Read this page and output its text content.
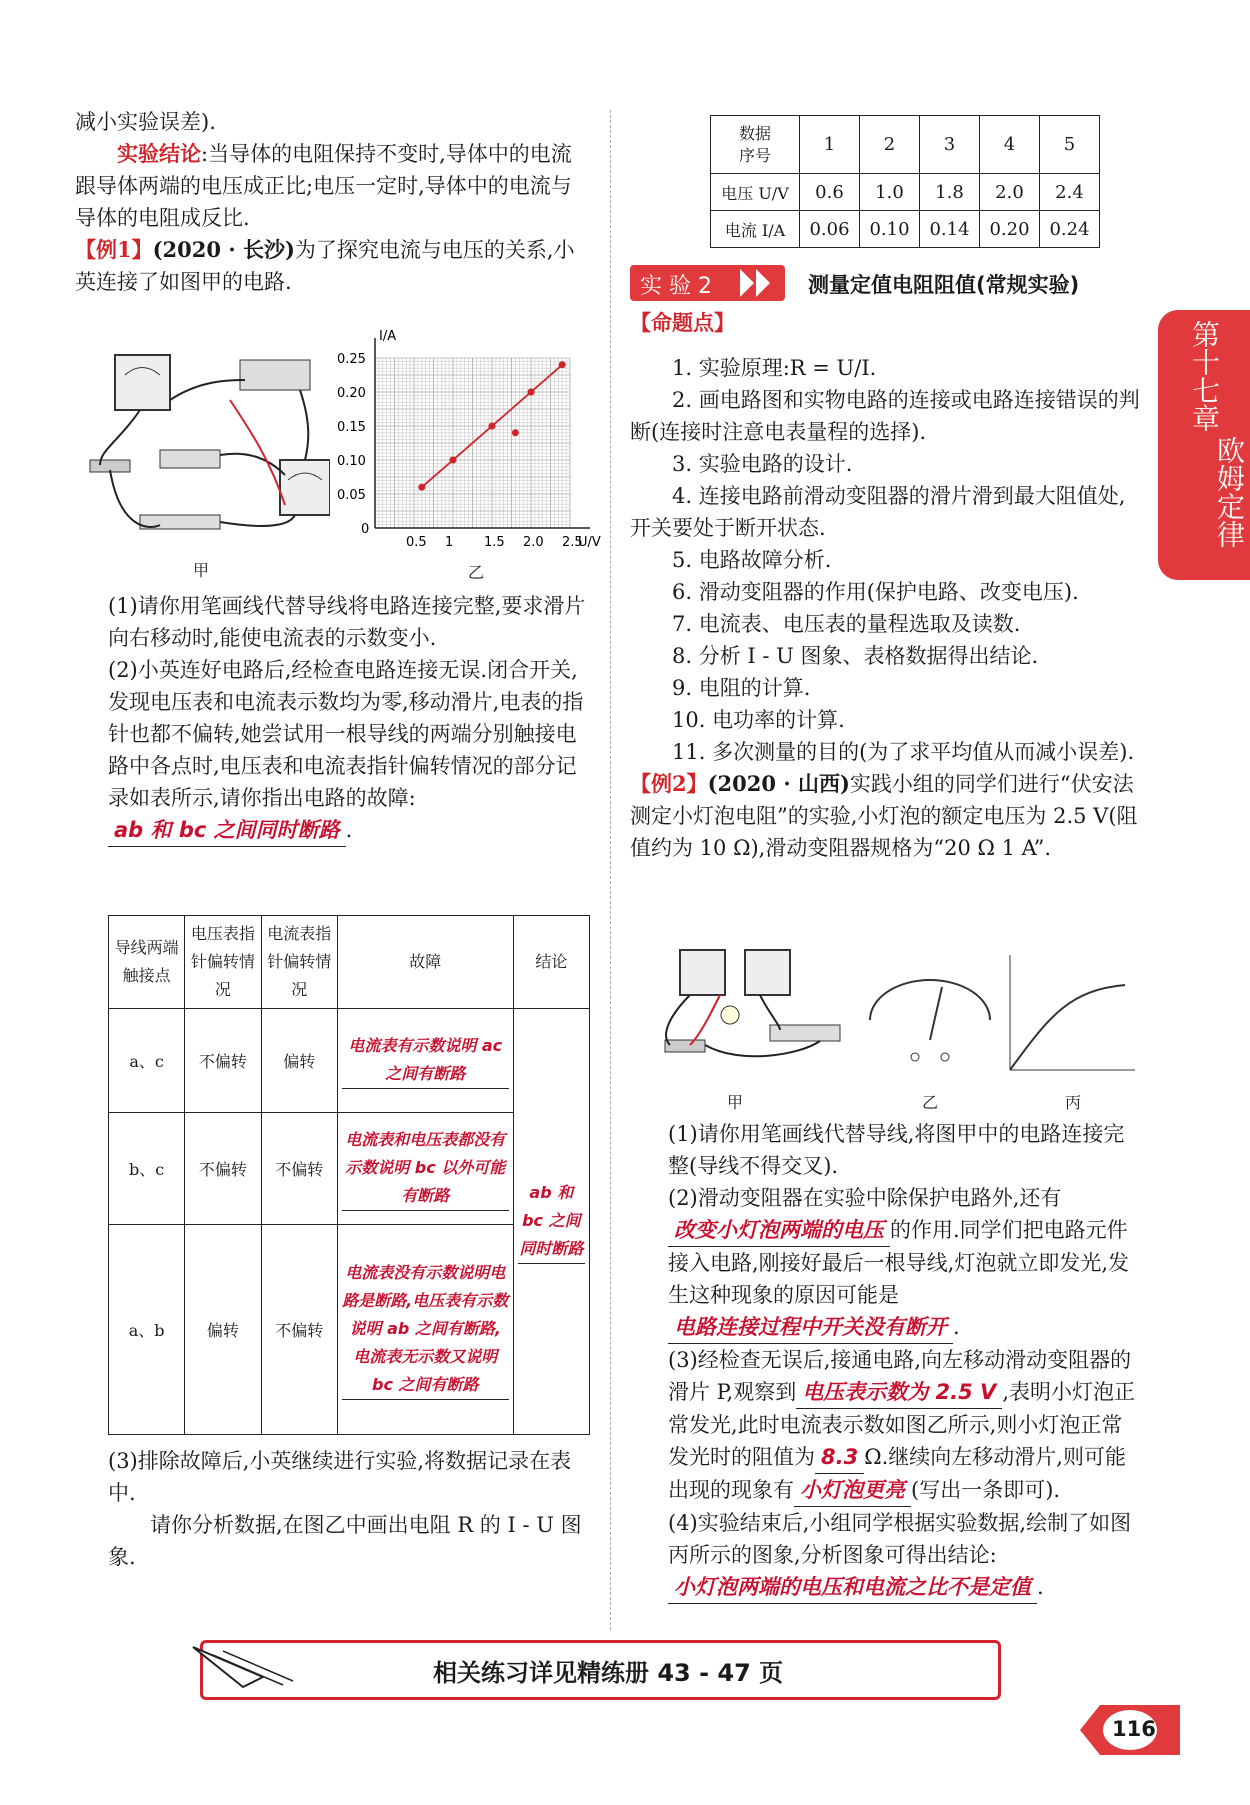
减小实验误差).
实验结论:当导体的电阻保持不变时,导体中的电流跟导体两端的电压成正比;电压一定时,导体中的电流与导体的电阻成反比.
【例1】(2020 · 长沙)为了探究电流与电压的关系,小英连接了如图甲的电路.
甲
I/A
U/V
0.5 1 1.5 2.0 2.5
0.25
0.20
0.15
0.10
0.05
0
乙
(1)请你用笔画线代替导线将电路连接完整,要求滑片向右移动时,能使电流表的示数变小.
(2)小英连好电路后,经检查电路连接无误.闭合开关,发现电压表和电流表示数均为零,移动滑片,电表的指针也都不偏转,她尝试用一根导线的两端分别触接电路中各点时,电压表和电流表指针偏转情况的部分记录如表所示,请你指出电路的故障:ab 和 bc 之间同时断路 .
导线两端触接点	电压表指针偏转情况	电流表指针偏转情况	故障	结论
a、c	不偏转	偏转	电流表有示数说明 ac 之间有断路	ab 和 bc 之间同时断路

b、c	不偏转	不偏转	电流表和电压表都没有示数说明 bc 以外可能有断路	

a、b	偏转	不偏转	电流表没有示数说明电路是断路,电压表有示数说明 ab 之间有断路,电流表无示数又说明 bc 之间有断路	
(3)排除故障后,小英继续进行实验,将数据记录在表中.
请你分析数据,在图乙中画出电阻 R 的 I - U 图象.
数据
序号	1	2	3	4	5
电压 U/V	0.6	1.0	1.8	2.0	2.4
电流 I/A	0.06	0.10	0.14	0.20	0.24
实 验 2	测量定值电阻阻值(常规实验)
【命题点】
1. 实验原理:R = U/I.
2. 画电路图和实物电路的连接或电路连接错误的判断(连接时注意电表量程的选择).
3. 实验电路的设计.
4. 连接电路前滑动变阻器的滑片滑到最大阻值处,开关要处于断开状态.
5. 电路故障分析.
6. 滑动变阻器的作用(保护电路、改变电压).
7. 电流表、电压表的量程选取及读数.
8. 分析 I - U 图象、表格数据得出结论.
9. 电阻的计算.
10. 电功率的计算.
11. 多次测量的目的(为了求平均值从而减小误差).
【例2】(2020 · 山西)实践小组的同学们进行“伏安法测定小灯泡电阻”的实验,小灯泡的额定电压为 2.5 V(阻值约为 10 Ω),滑动变阻器规格为“20 Ω 1 A”.
甲	乙	丙
(1)请你用笔画线代替导线,将图甲中的电路连接完整(导线不得交叉).
(2)滑动变阻器在实验中除保护电路外,还有改变小灯泡两端的电压 的作用.同学们把电路元件接入电路,刚接好最后一根导线,灯泡就立即发光,发生这种现象的原因可能是电路连接过程中开关没有断开 .
(3)经检查无误后,接通电路,向左移动滑动变阻器的滑片 P,观察到 电压表示数为 2.5 V ,表明小灯泡正常发光,此时电流表示数如图乙所示,则小灯泡正常发光时的阻值为 8.3 Ω.继续向左移动滑片,则可能出现的现象有 小灯泡更亮 (写出一条即可).
(4)实验结束后,小组同学根据实验数据,绘制了如图丙所示的图象,分析图象可得出结论:小灯泡两端的电压和电流之比不是定值 .
第十七章
欧姆定律
相关练习详见精练册 43 - 47 页
116
